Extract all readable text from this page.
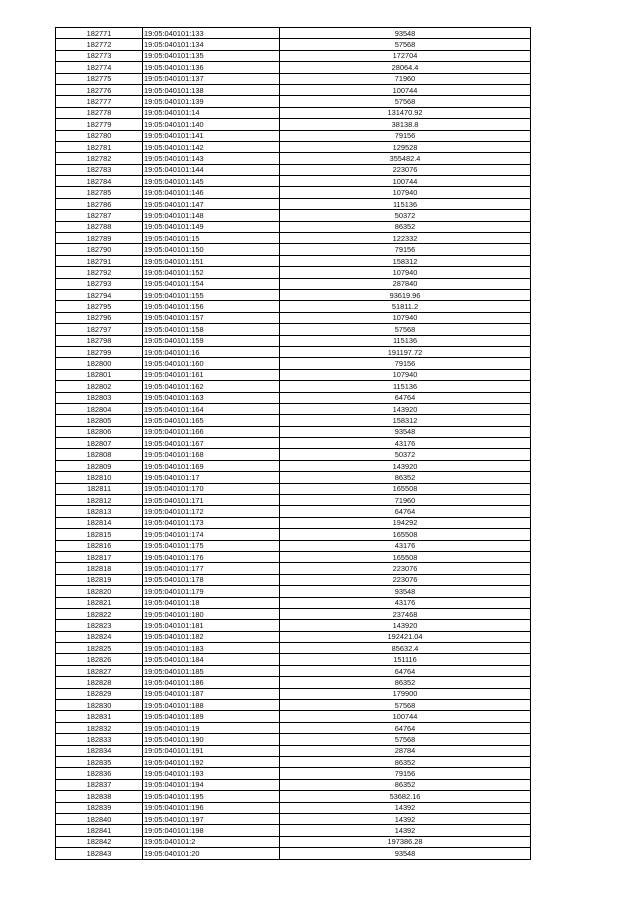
182771	19:05:040101:133	93548
182772	19:05:040101:134	57568
182773	19:05:040101:135	172704
182774	19:05:040101:136	28064.4
182775	19:05:040101:137	71960
182776	19:05:040101:138	100744
182777	19:05:040101:139	57568
182778	19:05:040101:14	131470.92
182779	19:05:040101:140	38138.8
182780	19:05:040101:141	79156
182781	19:05:040101:142	129528
182782	19:05:040101:143	355482.4
182783	19:05:040101:144	223076
182784	19:05:040101:145	100744
182785	19:05:040101:146	107940
182786	19:05:040101:147	115136
182787	19:05:040101:148	50372
182788	19:05:040101:149	86352
182789	19:05:040101:15	122332
182790	19:05:040101:150	79156
182791	19:05:040101:151	158312
182792	19:05:040101:152	107940
182793	19:05:040101:154	287840
182794	19:05:040101:155	93619.96
182795	19:05:040101:156	51811.2
182796	19:05:040101:157	107940
182797	19:05:040101:158	57568
182798	19:05:040101:159	115136
182799	19:05:040101:16	191197.72
182800	19:05:040101:160	79156
182801	19:05:040101:161	107940
182802	19:05:040101:162	115136
182803	19:05:040101:163	64764
182804	19:05:040101:164	143920
182805	19:05:040101:165	158312
182806	19:05:040101:166	93548
182807	19:05:040101:167	43176
182808	19:05:040101:168	50372
182809	19:05:040101:169	143920
182810	19:05:040101:17	86352
182811	19:05:040101:170	165508
182812	19:05:040101:171	71960
182813	19:05:040101:172	64764
182814	19:05:040101:173	194292
182815	19:05:040101:174	165508
182816	19:05:040101:175	43176
182817	19:05:040101:176	165508
182818	19:05:040101:177	223076
182819	19:05:040101:178	223076
182820	19:05:040101:179	93548
182821	19:05:040101:18	43176
182822	19:05:040101:180	237468
182823	19:05:040101:181	143920
182824	19:05:040101:182	192421.04
182825	19:05:040101:183	85632.4
182826	19:05:040101:184	151116
182827	19:05:040101:185	64764
182828	19:05:040101:186	86352
182829	19:05:040101:187	179900
182830	19:05:040101:188	57568
182831	19:05:040101:189	100744
182832	19:05:040101:19	64764
182833	19:05:040101:190	57568
182834	19:05:040101:191	28784
182835	19:05:040101:192	86352
182836	19:05:040101:193	79156
182837	19:05:040101:194	86352
182838	19:05:040101:195	53682.16
182839	19:05:040101:196	14392
182840	19:05:040101:197	14392
182841	19:05:040101:198	14392
182842	19:05:040101:2	197386.28
182843	19:05:040101:20	93548
